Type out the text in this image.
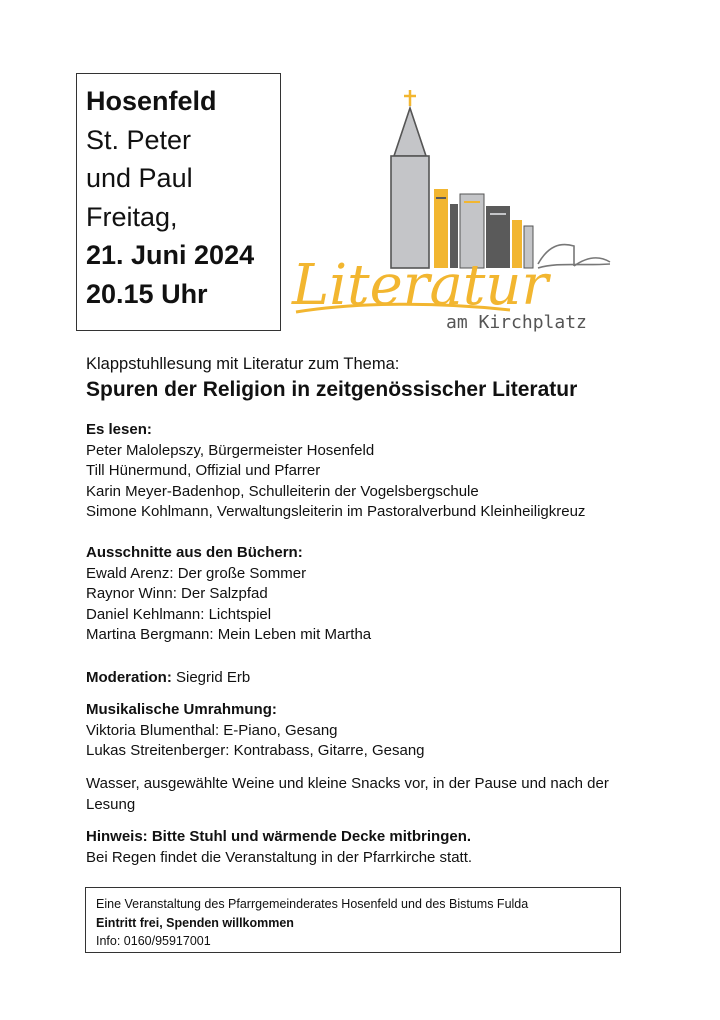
Hosenfeld
St. Peter
und Paul
Freitag,
21. Juni 2024
20.15 Uhr	Literatur
am Kirchplatz
Klappstuhllesung mit Literatur zum Thema:
Spuren der Religion in zeitgenössischer Literatur
Es lesen:
Peter Malolepszy, Bürgermeister Hosenfeld
Till Hünermund, Offizial und Pfarrer
Karin Meyer-Badenhop, Schulleiterin der Vogelsbergschule
Simone Kohlmann, Verwaltungsleiterin im Pastoralverbund Kleinheiligkreuz
Ausschnitte aus den Büchern:
Ewald Arenz: Der große Sommer
Raynor Winn: Der Salzpfad
Daniel Kehlmann: Lichtspiel
Martina Bergmann: Mein Leben mit Martha
Moderation: Siegrid Erb
Musikalische Umrahmung:
Viktoria Blumenthal: E-Piano, Gesang
Lukas Streitenberger: Kontrabass, Gitarre, Gesang
Wasser, ausgewählte Weine und kleine Snacks vor, in der Pause und nach der
Lesung
Hinweis: Bitte Stuhl und wärmende Decke mitbringen.
Bei Regen findet die Veranstaltung in der Pfarrkirche statt.
Eine Veranstaltung des Pfarrgemeinderates Hosenfeld und des Bistums Fulda
Eintritt frei, Spenden willkommen
Info: 0160/95917001
